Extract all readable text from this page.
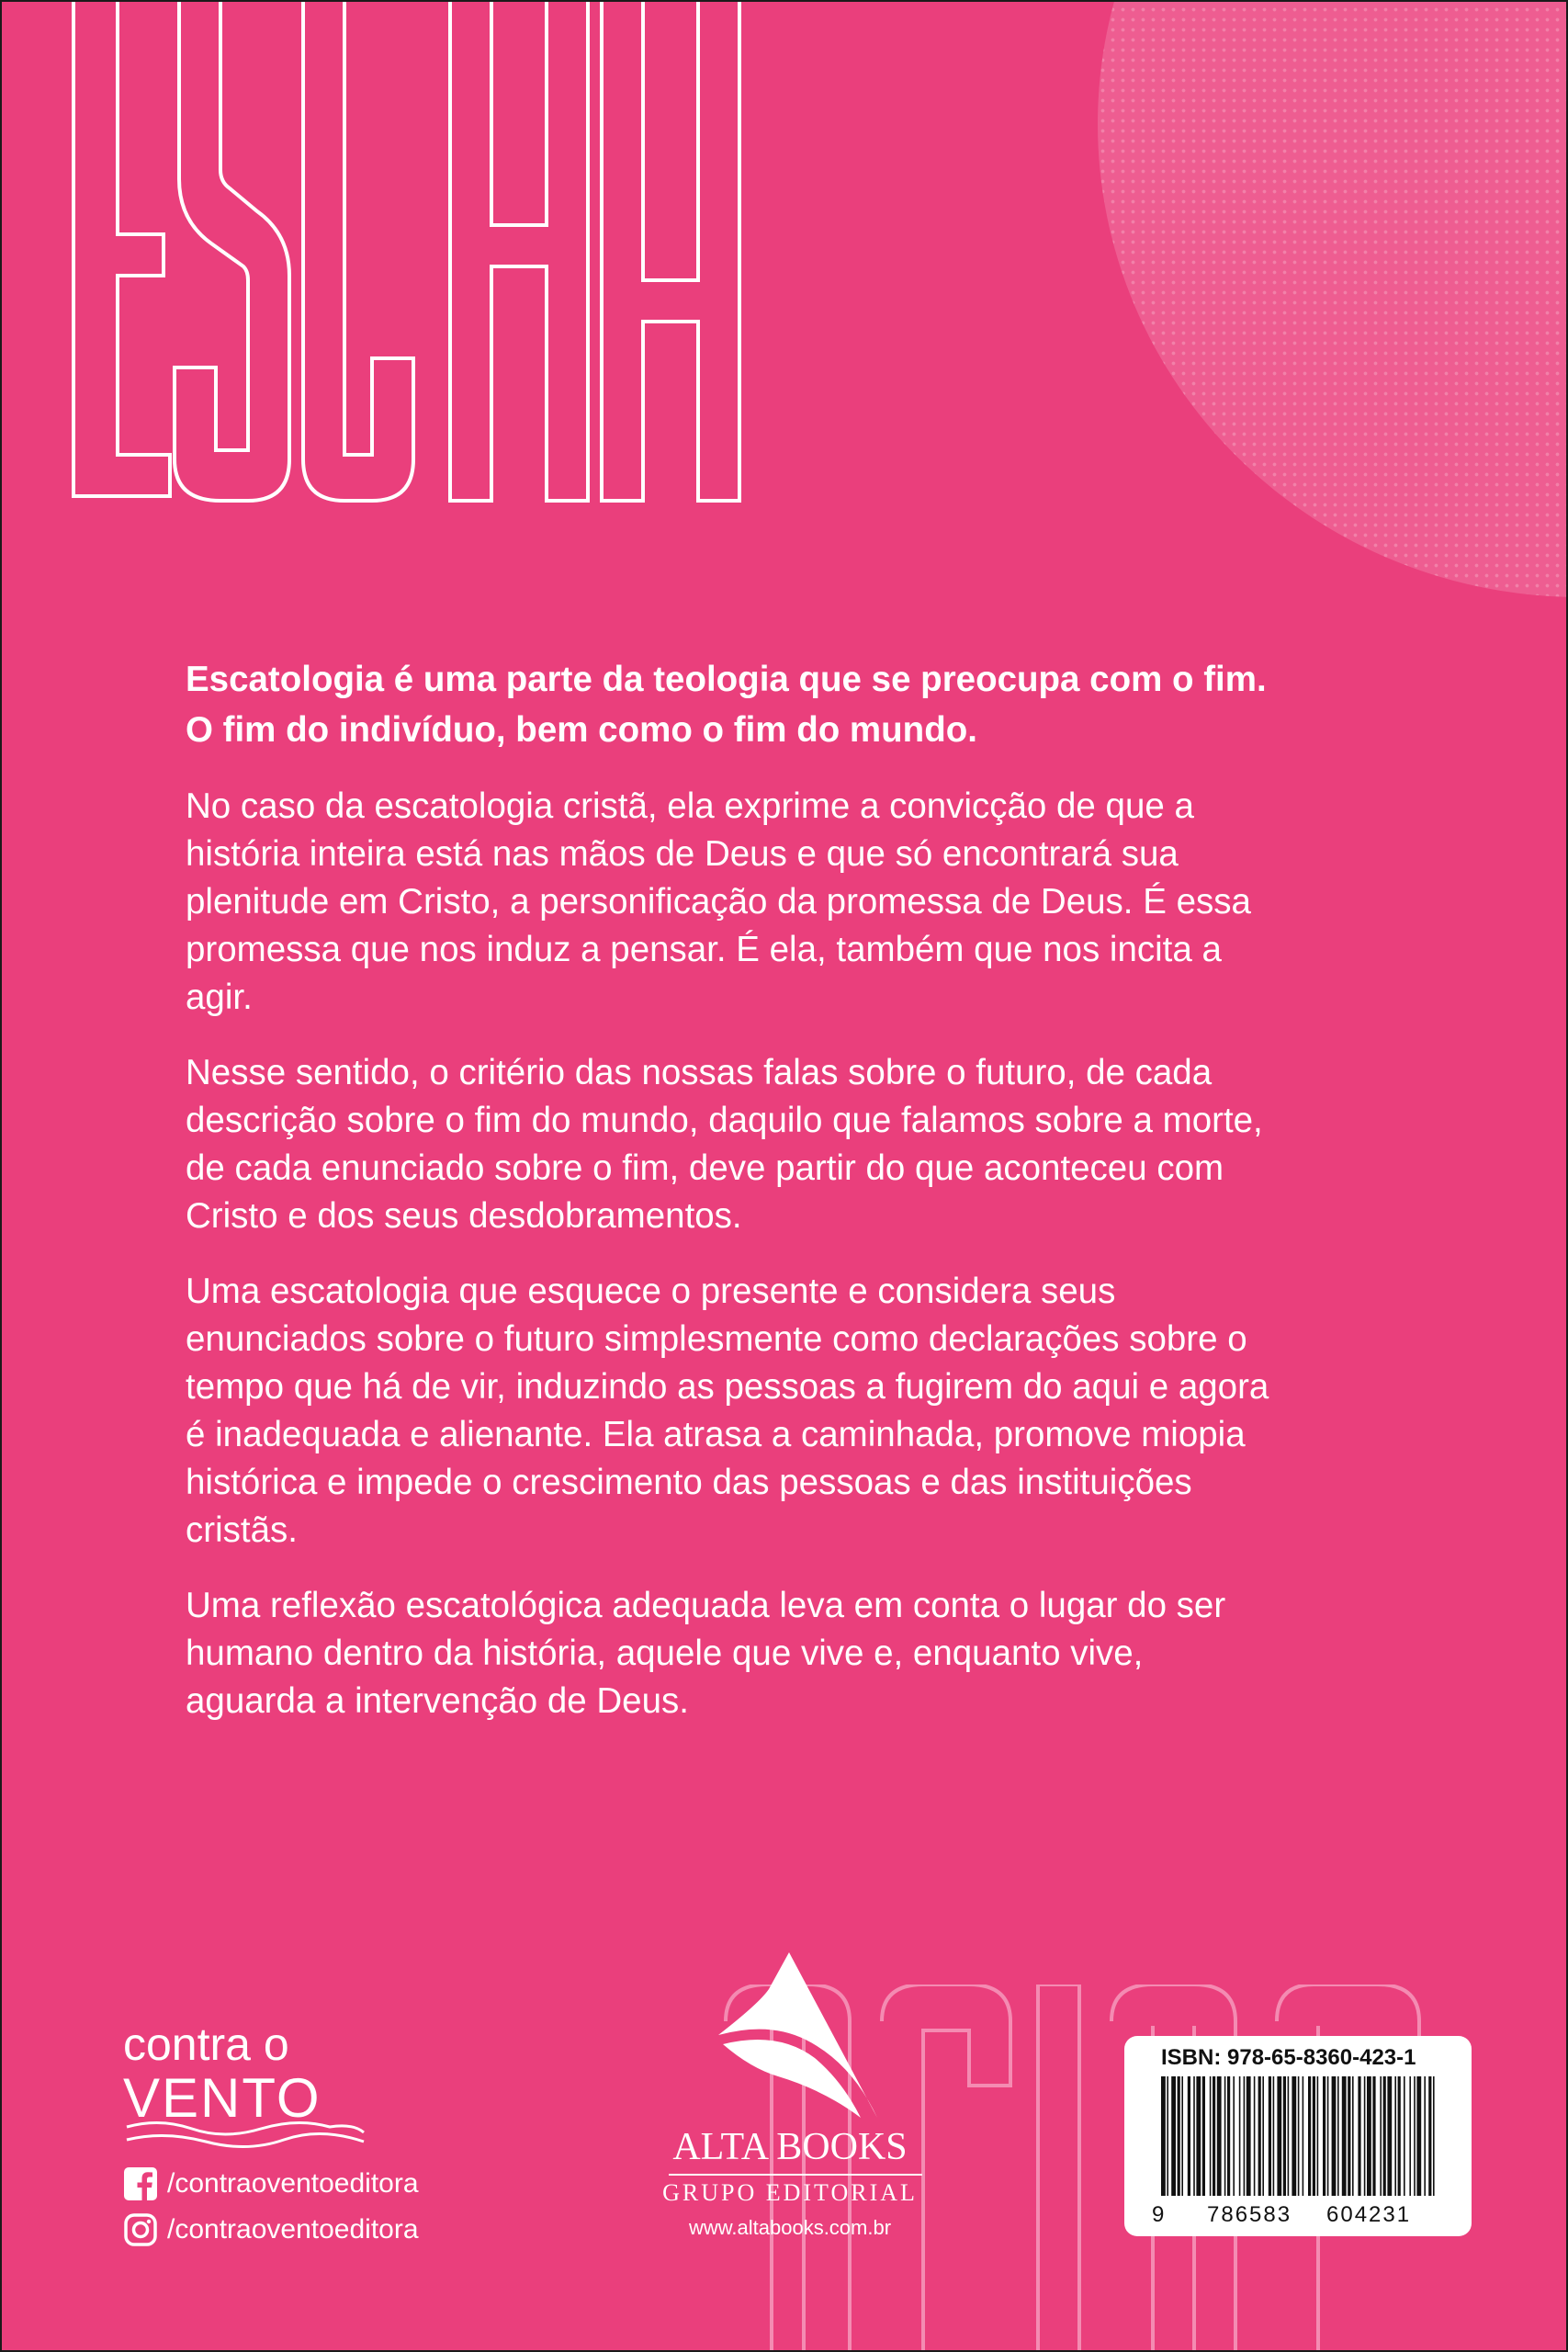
Escatologia é uma parte da teologia que se preocupa com o fim. O fim do indivíduo, bem como o fim do mundo.

No caso da escatologia cristã, ela exprime a convicção de que a história inteira está nas mãos de Deus e que só encontrará sua plenitude em Cristo, a personificação da promessa de Deus. É essa promessa que nos induz a pensar. É ela, também que nos incita a agir.

Nesse sentido, o critério das nossas falas sobre o futuro, de cada descrição sobre o fim do mundo, daquilo que falamos sobre a morte, de cada enunciado sobre o fim, deve partir do que aconteceu com Cristo e dos seus desdobramentos.

Uma escatologia que esquece o presente e considera seus enunciados sobre o futuro simplesmente como declarações sobre o tempo que há de vir, induzindo as pessoas a fugirem do aqui e agora é inadequada e alienante. Ela atrasa a caminhada, promove miopia histórica e impede o crescimento das pessoas e das instituições cristãs.

Uma reflexão escatológica adequada leva em conta o lugar do ser humano dentro da história, aquele que vive e, enquanto vive, aguarda a intervenção de Deus.

contra o
VENTO
/contraoventoeditora
/contraoventoeditora
ALTA BOOKS
GRUPO EDITORIAL
www.altabooks.com.br
ISBN: 978-65-8360-423-1
9 786583 604231
